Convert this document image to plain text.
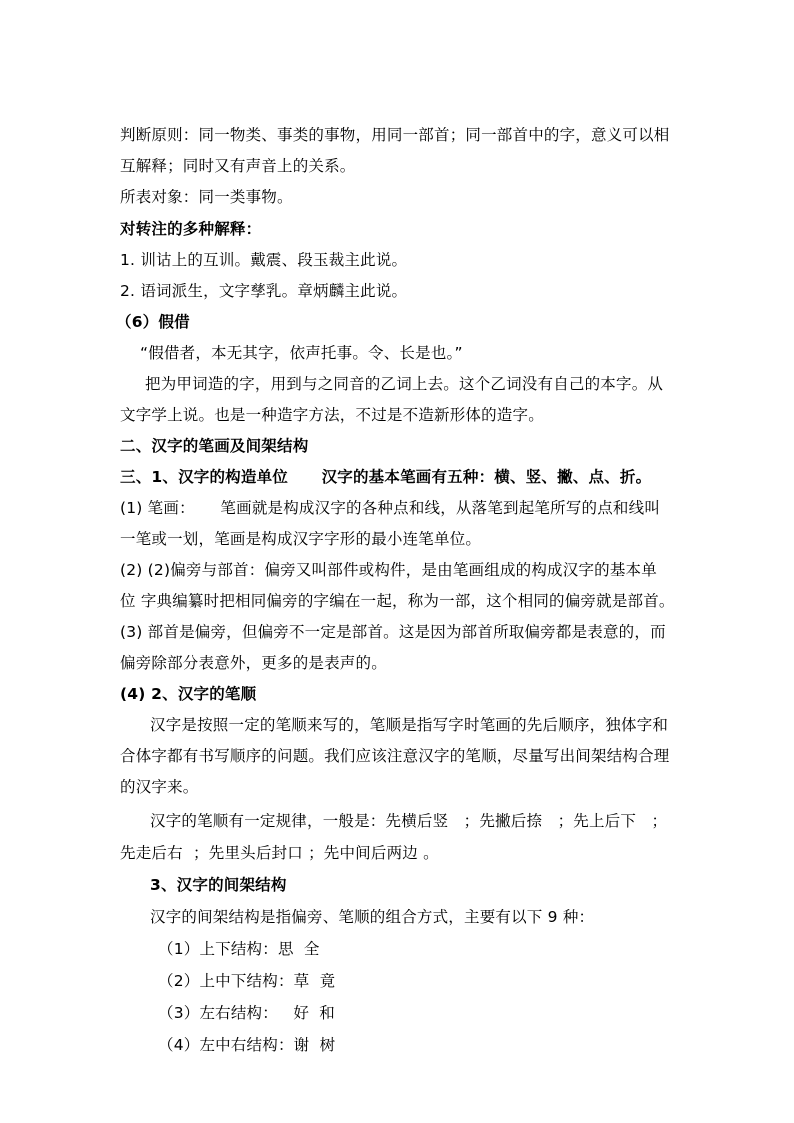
判断原则：同一物类、事类的事物，用同一部首；同一部首中的字，意义可以相
互解释；同时又有声音上的关系。
所表对象：同一类事物。
对转注的多种解释：
1. 训诂上的互训。戴震、段玉裁主此说。
2. 语词派生，文字孳乳。章炳麟主此说。
（6）假借
“假借者，本无其字，依声托事。令、长是也。”
把为甲词造的字，用到与之同音的乙词上去。这个乙词没有自己的本字。从
文字学上说。也是一种造字方法，不过是不造新形体的造字。
二、汉字的笔画及间架结构
三、1、汉字的构造单位      汉字的基本笔画有五种：横、竖、撇、点、折。
(1) 笔画：     笔画就是构成汉字的各种点和线，从落笔到起笔所写的点和线叫
一笔或一划，笔画是构成汉字字形的最小连笔单位。
(2) (2)偏旁与部首：偏旁又叫部件或构件，是由笔画组成的构成汉字的基本单
位 字典编纂时把相同偏旁的字编在一起，称为一部，这个相同的偏旁就是部首。
(3) 部首是偏旁，但偏旁不一定是部首。这是因为部首所取偏旁都是表意的，而
偏旁除部分表意外，更多的是表声的。
(4) 2、汉字的笔顺
汉字是按照一定的笔顺来写的，笔顺是指写字时笔画的先后顺序，独体字和
合体字都有书写顺序的问题。我们应该注意汉字的笔顺，尽量写出间架结构合理
的汉字来。
汉字的笔顺有一定规律，一般是：先横后竖   ；先撇后捺   ；先上后下   ；
先走后右  ；先里头后封口 ；先中间后两边 。
3、汉字的间架结构
汉字的间架结构是指偏旁、笔顺的组合方式，主要有以下 9 种：
（1）上下结构：思  全
（2）上中下结构：草  竟
（3）左右结构：   好  和
（4）左中右结构：谢  树
